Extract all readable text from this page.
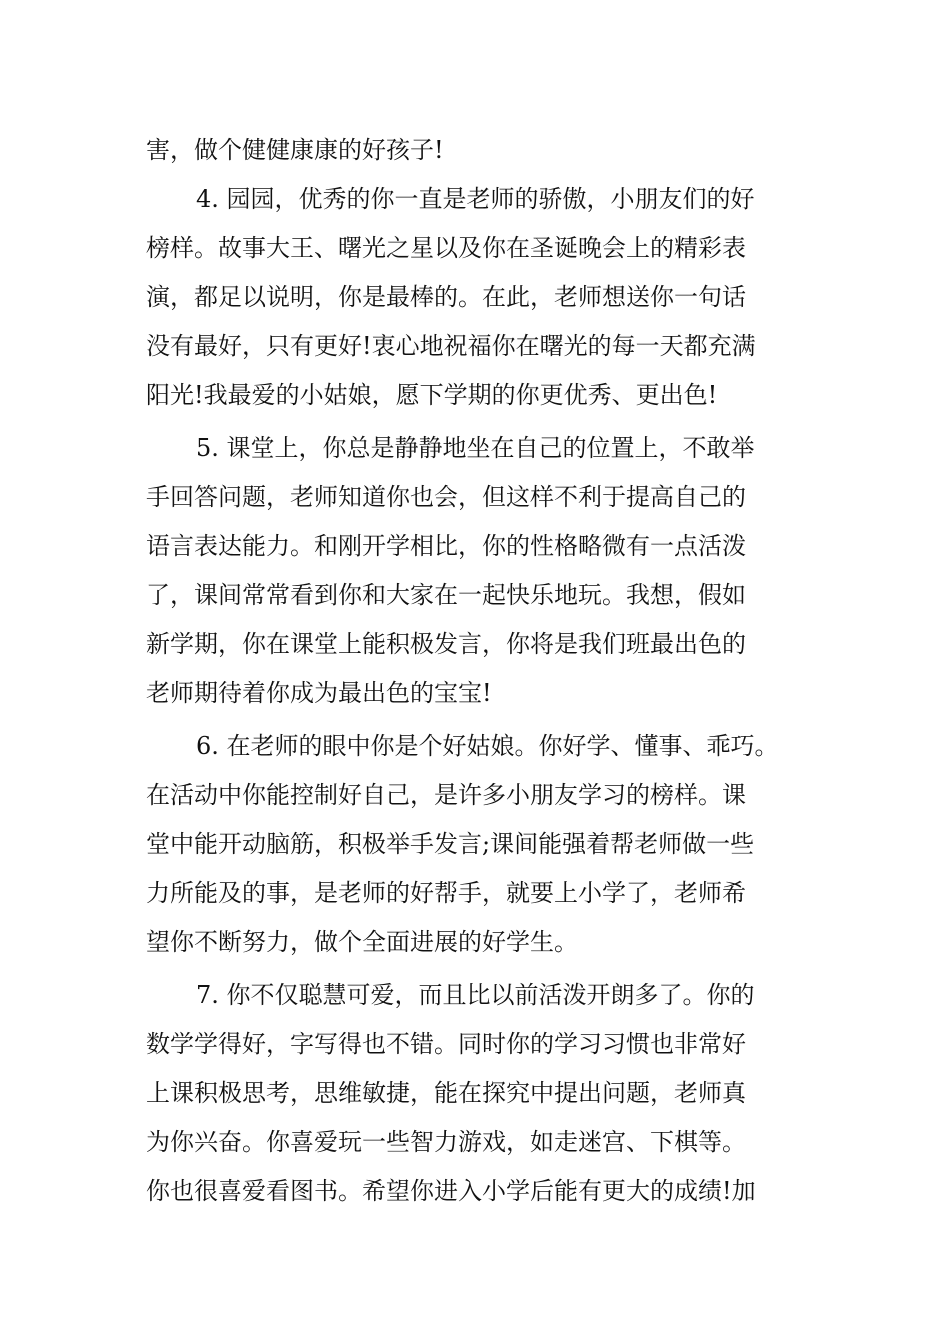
害，做个健健康康的好孩子!

4. 园园，优秀的你一直是老师的骄傲，小朋友们的好

榜样。故事大王、曙光之星以及你在圣诞晚会上的精彩表

演，都足以说明，你是最棒的。在此，老师想送你一句话

没有最好，只有更好!衷心地祝福你在曙光的每一天都充满

阳光!我最爱的小姑娘，愿下学期的你更优秀、更出色!

5. 课堂上，你总是静静地坐在自己的位置上，不敢举

手回答问题，老师知道你也会，但这样不利于提高自己的

语言表达能力。和刚开学相比，你的性格略微有一点活泼

了，课间常常看到你和大家在一起快乐地玩。我想，假如

新学期，你在课堂上能积极发言，你将是我们班最出色的

老师期待着你成为最出色的宝宝!

6. 在老师的眼中你是个好姑娘。你好学、懂事、乖巧。

在活动中你能控制好自己，是许多小朋友学习的榜样。课

堂中能开动脑筋，积极举手发言;课间能强着帮老师做一些

力所能及的事，是老师的好帮手，就要上小学了，老师希

望你不断努力，做个全面进展的好学生。

7. 你不仅聪慧可爱，而且比以前活泼开朗多了。你的

数学学得好，字写得也不错。同时你的学习习惯也非常好

上课积极思考，思维敏捷，能在探究中提出问题，老师真

为你兴奋。你喜爱玩一些智力游戏，如走迷宫、下棋等。

你也很喜爱看图书。希望你进入小学后能有更大的成绩!加
